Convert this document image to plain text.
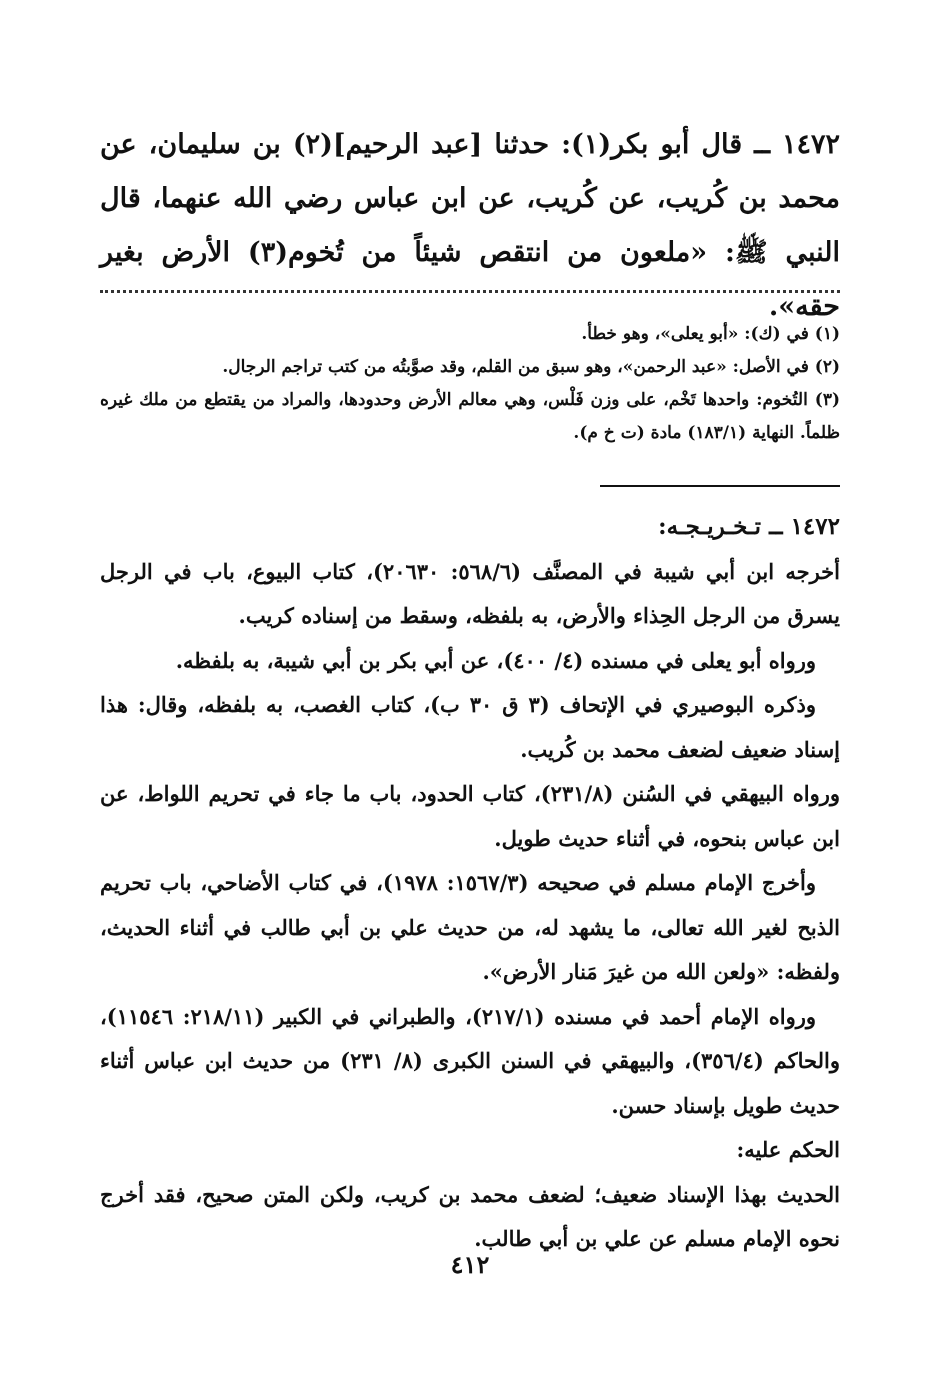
١٤٧٢ ــ قال أبو بكر(١): حدثنا [عبد الرحيم](٢) بن سليمان، عن محمد بن كُريب، عن كُريب، عن ابن عباس رضي الله عنهما، قال النبي ﷺ: «ملعون من انتقص شيئاً من تُخوم(٣) الأرض بغير حقه».

(١) في (ك): «أبو يعلى»، وهو خطأ.

(٢) في الأصل: «عبد الرحمن»، وهو سبق من القلم، وقد صوَّبتُه من كتب تراجم الرجال.

(٣) التُخوم: واحدها تَخْم، على وزن فَلْس، وهي معالم الأرض وحدودها، والمراد من يقتطع من ملك غيره ظلماً. النهاية (١٨٣/١) مادة (ت خ م).

١٤٧٢ ــ تـخـريـجـه:

أخرجه ابن أبي شيبة في المصنَّف (٥٦٨/٦: ٢٠٦٣٠)، كتاب البيوع، باب في الرجل يسرق من الرجل الحِذاء والأرض، به بلفظه، وسقط من إسناده كريب.

ورواه أبو يعلى في مسنده (٤/ ٤٠٠)، عن أبي بكر بن أبي شيبة، به بلفظه.

وذكره البوصيري في الإتحاف (٣ ق ٣٠ ب)، كتاب الغصب، به بلفظه، وقال: هذا إسناد ضعيف لضعف محمد بن كُريب.

ورواه البيهقي في السُنن (٢٣١/٨)، كتاب الحدود، باب ما جاء في تحريم اللواط، عن ابن عباس بنحوه، في أثناء حديث طويل.

وأخرج الإمام مسلم في صحيحه (١٥٦٧/٣: ١٩٧٨)، في كتاب الأضاحي، باب تحريم الذبح لغير الله تعالى، ما يشهد له، من حديث علي بن أبي طالب في أثناء الحديث، ولفظه: «ولعن الله من غيرَ مَنار الأرض».

ورواه الإمام أحمد في مسنده (٢١٧/١)، والطبراني في الكبير (٢١٨/١١: ١١٥٤٦)، والحاكم (٣٥٦/٤)، والبيهقي في السنن الكبرى (٨/ ٢٣١) من حديث ابن عباس أثناء حديث طويل بإسناد حسن.

الحكم عليه:

الحديث بهذا الإسناد ضعيف؛ لضعف محمد بن كريب، ولكن المتن صحيح، فقد أخرج نحوه الإمام مسلم عن علي بن أبي طالب.

٤١٢
